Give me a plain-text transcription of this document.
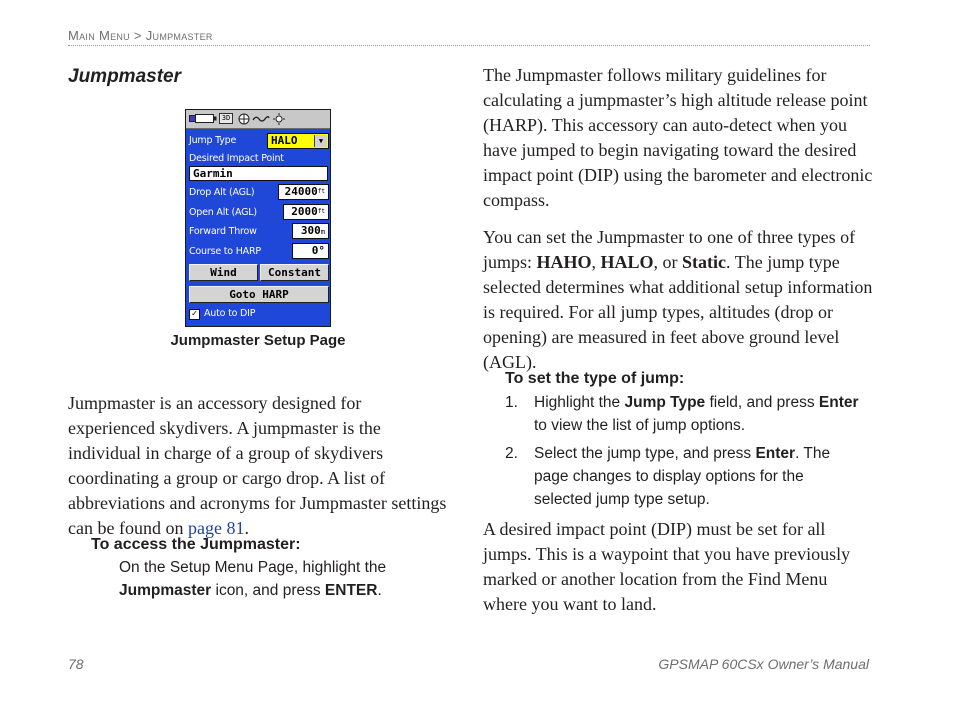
Main Menu > Jumpmaster
Jumpmaster
3D
Jump Type	HALO	▼
Desired Impact Point
Garmin
Drop Alt (AGL)	$24000^{ft}$
Open Alt (AGL)	$2000^{ft}$
Forward Throw	300m
Course to HARP	0°
Wind	Constant
Goto HARP
✓ Auto to DIP
Jumpmaster Setup Page

Jumpmaster is an accessory designed for experienced skydivers. A jumpmaster is the individual in charge of a group of skydivers coordinating a group or cargo drop. A list of abbreviations and acronyms for Jumpmaster settings can be found on page 81.

To access the Jumpmaster:
On the Setup Menu Page, highlight the Jumpmaster icon, and press ENTER.

The Jumpmaster follows military guidelines for calculating a jumpmaster’s high altitude release point (HARP). This accessory can auto-detect when you have jumped to begin navigating toward the desired impact point (DIP) using the barometer and electronic compass.

You can set the Jumpmaster to one of three types of jumps: HAHO, HALO, or Static. The jump type selected determines what additional setup information is required. For all jump types, altitudes (drop or opening) are measured in feet above ground level (AGL).

To set the type of jump:
1. Highlight the Jump Type field, and press Enter to view the list of jump options.
2. Select the jump type, and press Enter. The page changes to display options for the selected jump type setup.

A desired impact point (DIP) must be set for all jumps. This is a waypoint that you have previously marked or another location from the Find Menu where you want to land.

78	GPSMAP 60CSx Owner’s Manual
